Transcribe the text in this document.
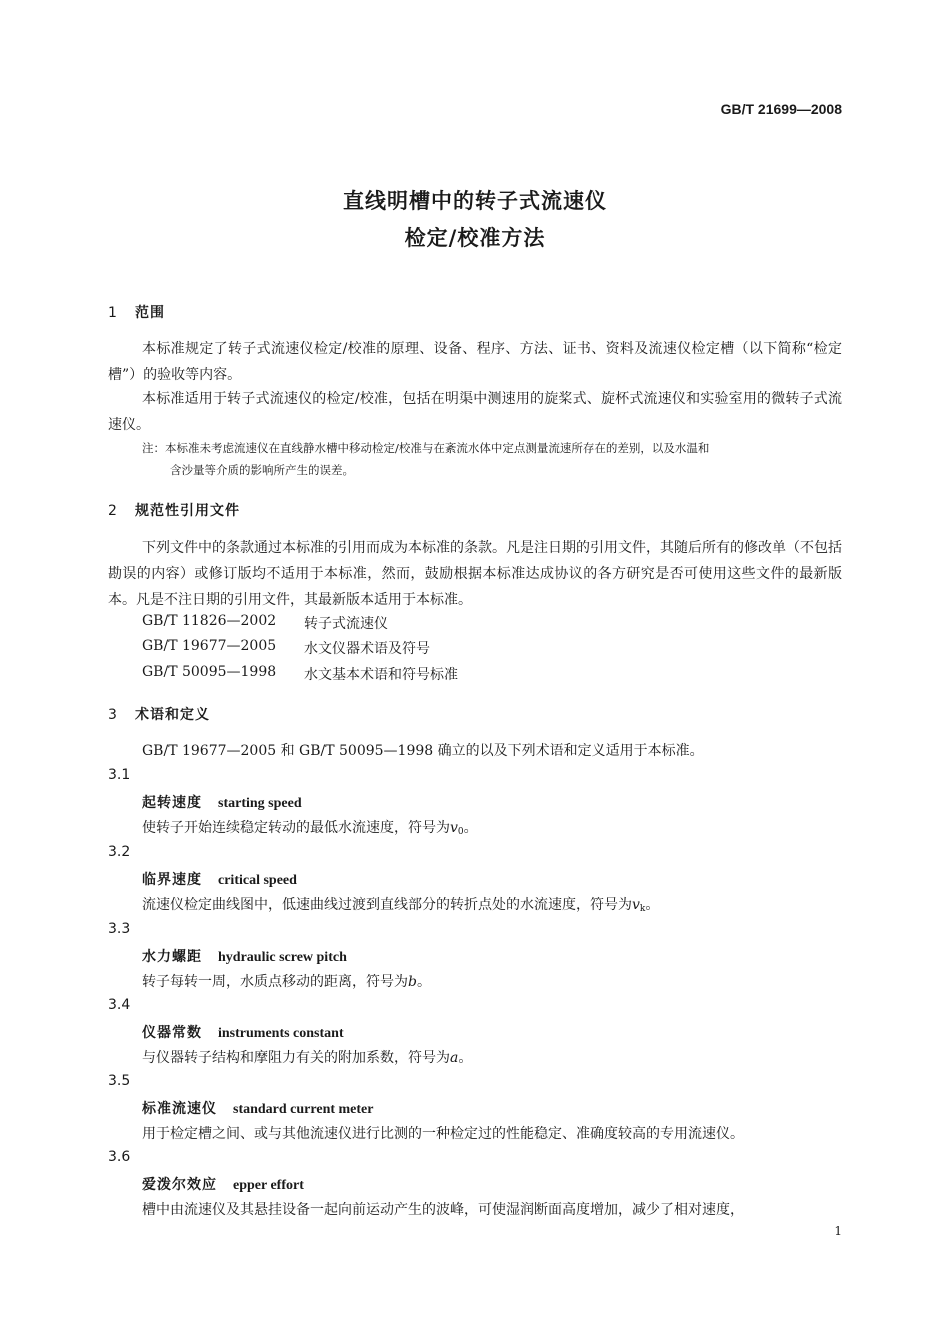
GB/T 21699—2008
直线明槽中的转子式流速仪
检定/校准方法
1 范围
本标准规定了转子式流速仪检定/校准的原理、设备、程序、方法、证书、资料及流速仪检定槽（以下简称“检定槽”）的验收等内容。
本标准适用于转子式流速仪的检定/校准，包括在明渠中测速用的旋桨式、旋杯式流速仪和实验室用的微转子式流速仪。
注：本标准未考虑流速仪在直线静水槽中移动检定/校准与在紊流水体中定点测量流速所存在的差别，以及水温和
含沙量等介质的影响所产生的误差。
2 规范性引用文件
下列文件中的条款通过本标准的引用而成为本标准的条款。凡是注日期的引用文件，其随后所有的修改单（不包括勘误的内容）或修订版均不适用于本标准，然而，鼓励根据本标准达成协议的各方研究是否可使用这些文件的最新版本。凡是不注日期的引用文件，其最新版本适用于本标准。
GB/T 11826—2002 转子式流速仪
GB/T 19677—2005 水文仪器术语及符号
GB/T 50095—1998 水文基本术语和符号标准
3 术语和定义
GB/T 19677—2005 和 GB/T 50095—1998 确立的以及下列术语和定义适用于本标准。
3.1
起转速度 starting speed
使转子开始连续稳定转动的最低水流速度，符号为$v_0$。
3.2
临界速度 critical speed
流速仪检定曲线图中，低速曲线过渡到直线部分的转折点处的水流速度，符号为$v_k$。
3.3
水力螺距 hydraulic screw pitch
转子每转一周，水质点移动的距离，符号为b。
3.4
仪器常数 instruments constant
与仪器转子结构和摩阻力有关的附加系数，符号为a。
3.5
标准流速仪 standard current meter
用于检定槽之间、或与其他流速仪进行比测的一种检定过的性能稳定、准确度较高的专用流速仪。
3.6
爱泼尔效应 epper effort
槽中由流速仪及其悬挂设备一起向前运动产生的波峰，可使湿润断面高度增加，减少了相对速度，
1
